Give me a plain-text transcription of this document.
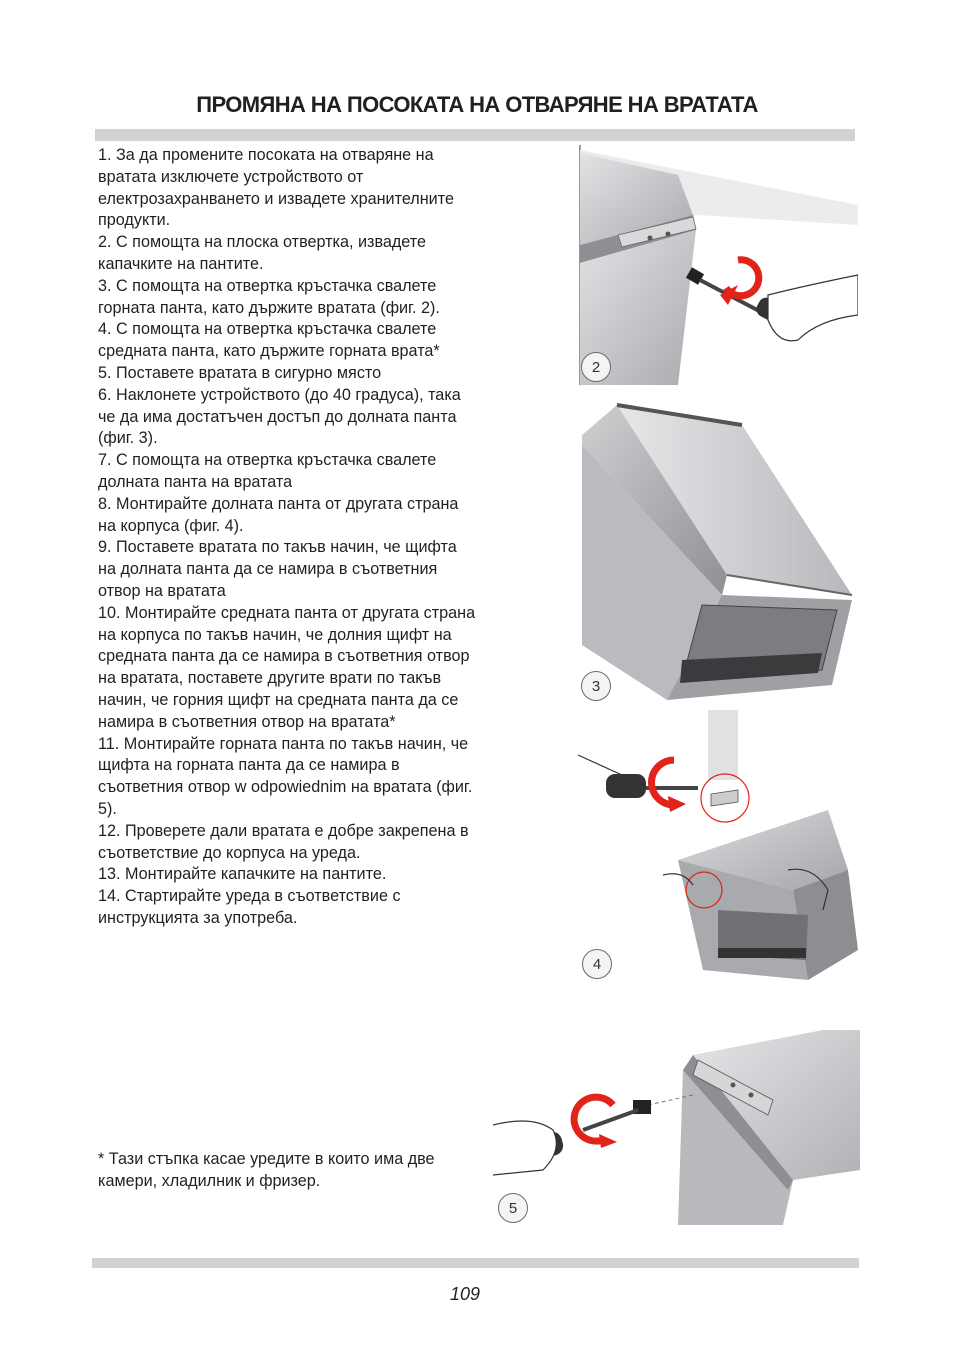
ПРОМЯНА НА ПОСОКАТА НА ОТВАРЯНЕ НА ВРАТАТА
1. За да промените посоката на отваряне на вратата изключете устройството от електрозахранването и извадете хранителните продукти.
2. С помощта на плоска отвертка, извадете капачките на пантите.
3. С помощта на отвертка кръстачка свалете горната панта, като държите вратата (фиг. 2).
4. С помощта на отвертка кръстачка свалете средната панта, като държите горната врата*
5. Поставете вратата в сигурно място
6. Наклонете устройството (до 40 градуса), така че да има достатъчен достъп до долната панта (фиг. 3).
7. С помощта на отвертка кръстачка свалете долната панта на вратата
8. Монтирайте долната панта от другата страна на корпуса (фиг. 4).
9. Поставете вратата по такъв начин, че щифта на долната панта да се намира в съответния отвор на вратата
10. Монтирайте средната панта от другата страна на корпуса по такъв начин, че долния щифт на средната панта да се намира в съответния отвор на вратата, поставете другите врати по такъв начин, че горния щифт на средната панта да се намира в съответния отвор на вратата*
11. Монтирайте горната панта по такъв начин, че щифта на горната панта да се намира в съответния отвор w odpowiednim на вратата (фиг. 5).
12. Проверете дали вратата е добре закрепена в съответствие до корпуса на уреда.
13. Монтирайте капачките на пантите.
14. Стартирайте уреда в съответствие с инструкцията за употреба.
* Тази стъпка касае уредите в които има две камери, хладилник и фризер.
2
3
4
5
109
